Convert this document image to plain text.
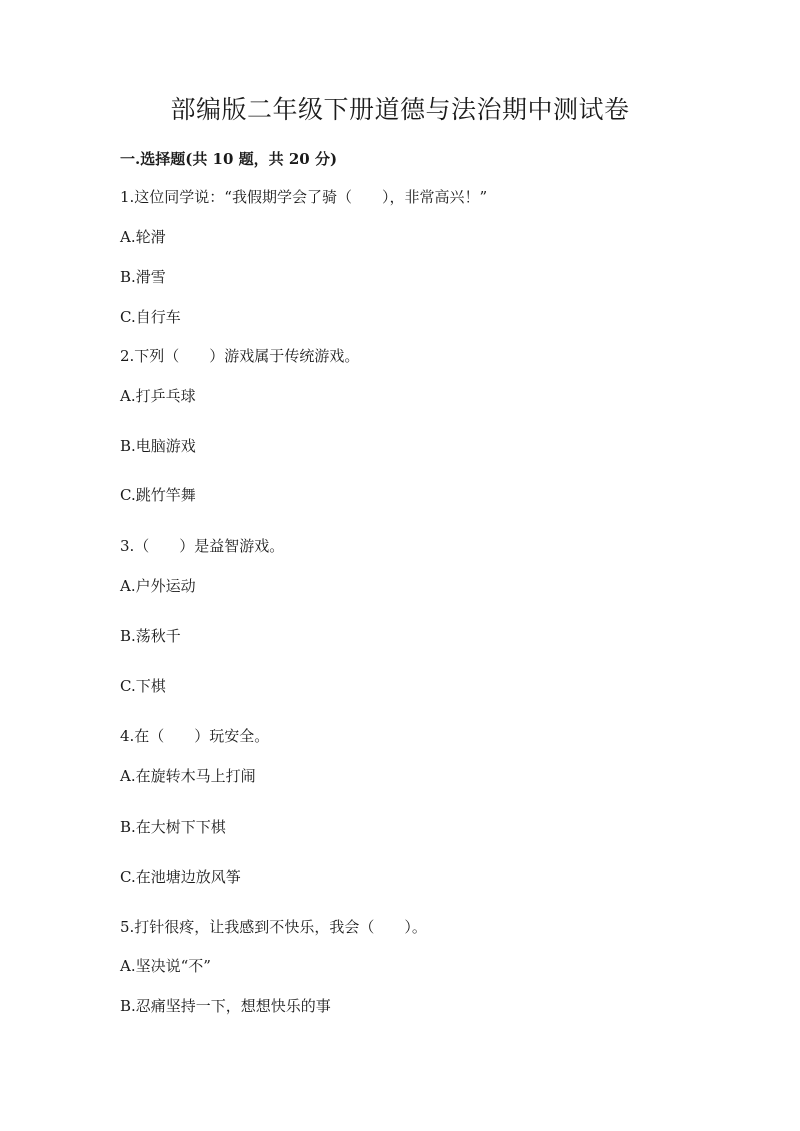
部编版二年级下册道德与法治期中测试卷
一.选择题(共 10 题，共 20 分)
1.这位同学说：“我假期学会了骑（　　），非常高兴！”
A.轮滑
B.滑雪
C.自行车
2.下列（　　）游戏属于传统游戏。
A.打乒乓球
B.电脑游戏
C.跳竹竿舞
3.（　　）是益智游戏。
A.户外运动
B.荡秋千
C.下棋
4.在（　　）玩安全。
A.在旋转木马上打闹
B.在大树下下棋
C.在池塘边放风筝
5.打针很疼，让我感到不快乐，我会（　　）。
A.坚决说“不”
B.忍痛坚持一下，想想快乐的事
